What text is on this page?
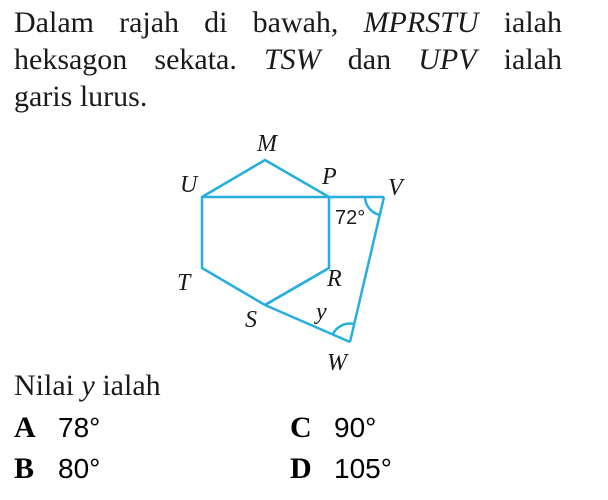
Dalam rajah di bawah, MPRSTU ialah
heksagon sekata. TSW dan UPV ialah
garis lurus.
M
U	P V
T	R
S
W
y
72°
Nilai y ialah
A 78°
B 80°
C 90°
D 105°
